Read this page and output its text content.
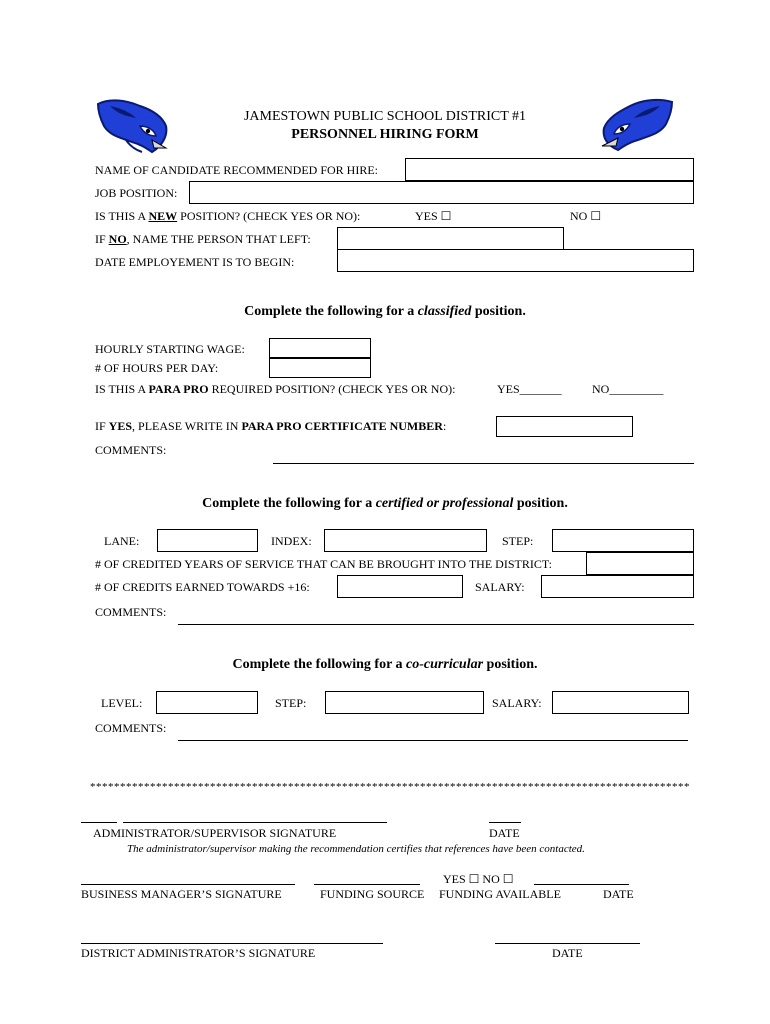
JAMESTOWN PUBLIC SCHOOL DISTRICT #1
PERSONNEL HIRING FORM
NAME OF CANDIDATE RECOMMENDED FOR HIRE:
JOB POSITION:
IS THIS A NEW POSITION? (CHECK YES OR NO):	YES ☐	NO ☐
IF NO, NAME THE PERSON THAT LEFT:
DATE EMPLOYEMENT IS TO BEGIN:
Complete the following for a classified position.
HOURLY STARTING WAGE:
# OF HOURS PER DAY:
IS THIS A PARA PRO REQUIRED POSITION? (CHECK YES OR NO):	YES_______	NO_________
IF YES, PLEASE WRITE IN PARA PRO CERTIFICATE NUMBER:
COMMENTS:
Complete the following for a certified or professional position.
LANE:	INDEX:	STEP:
# OF CREDITED YEARS OF SERVICE THAT CAN BE BROUGHT INTO THE DISTRICT:
# OF CREDITS EARNED TOWARDS +16:	SALARY:
COMMENTS:
Complete the following for a co-curricular position.
LEVEL:	STEP:	SALARY:
COMMENTS:
****************************************************************************************************
ADMINISTRATOR/SUPERVISOR SIGNATURE	DATE
The administrator/supervisor making the recommendation certifies that references have been contacted.
YES ☐ NO ☐
BUSINESS MANAGER’S SIGNATURE	FUNDING SOURCE FUNDING AVAILABLE	DATE
DISTRICT ADMINISTRATOR’S SIGNATURE	DATE
